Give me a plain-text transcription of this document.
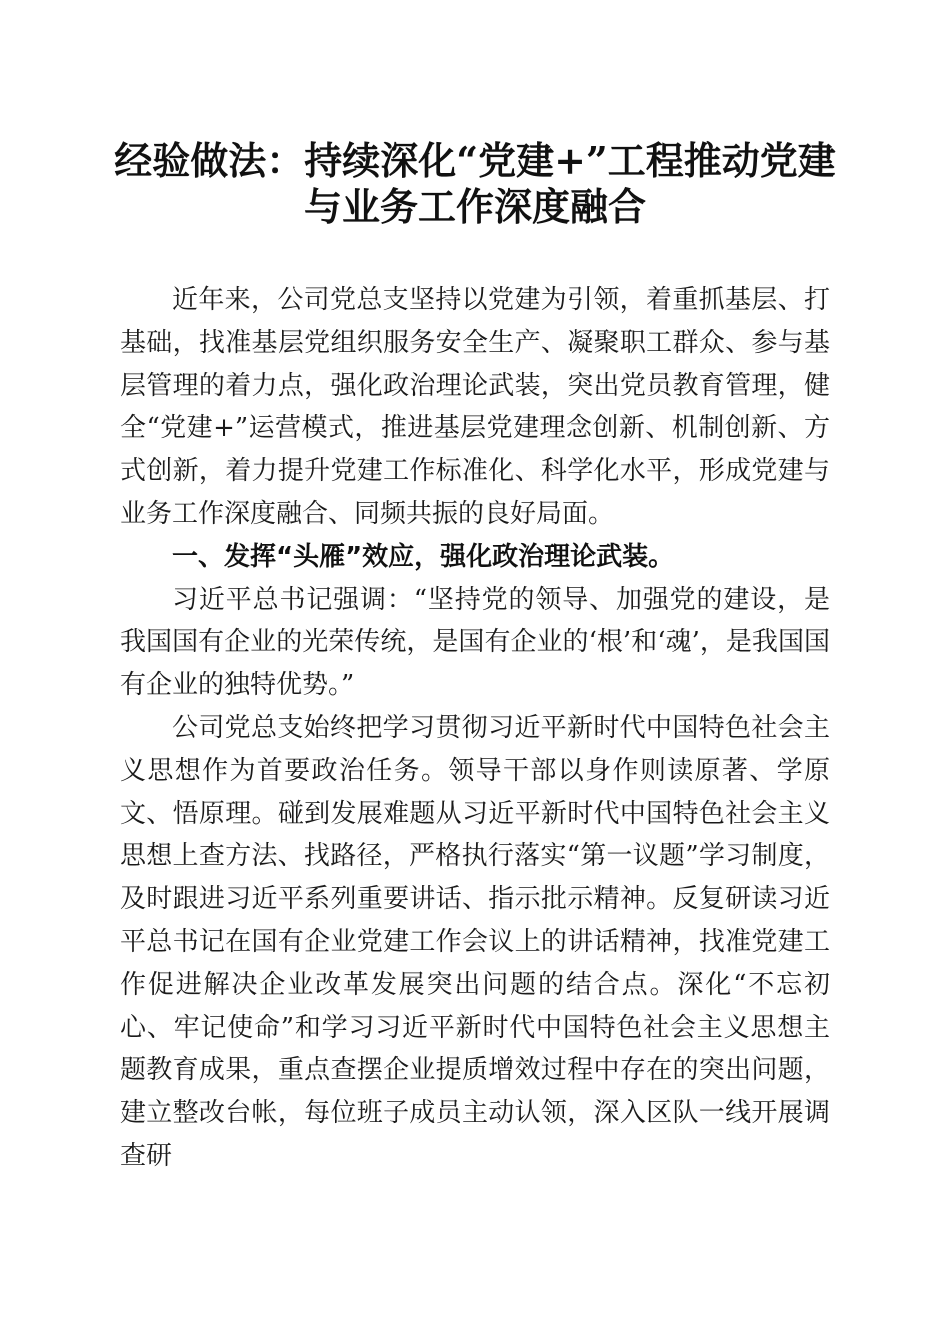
经验做法：持续深化“党建+”工程推动党建
与业务工作深度融合

近年来，公司党总支坚持以党建为引领，着重抓基层、打基础，找准基层党组织服务安全生产、凝聚职工群众、参与基层管理的着力点，强化政治理论武装，突出党员教育管理，健全“党建+”运营模式，推进基层党建理念创新、机制创新、方式创新，着力提升党建工作标准化、科学化水平，形成党建与业务工作深度融合、同频共振的良好局面。

一、发挥“头雁”效应，强化政治理论武装。

习近平总书记强调：“坚持党的领导、加强党的建设，是我国国有企业的光荣传统，是国有企业的‘根’和‘魂’，是我国国有企业的独特优势。”

公司党总支始终把学习贯彻习近平新时代中国特色社会主义思想作为首要政治任务。领导干部以身作则读原著、学原文、悟原理。碰到发展难题从习近平新时代中国特色社会主义思想上查方法、找路径，严格执行落实“第一议题”学习制度，及时跟进习近平系列重要讲话、指示批示精神。反复研读习近平总书记在国有企业党建工作会议上的讲话精神，找准党建工作促进解决企业改革发展突出问题的结合点。深化“不忘初心、牢记使命”和学习习近平新时代中国特色社会主义思想主题教育成果，重点查摆企业提质增效过程中存在的突出问题，建立整改台帐，每位班子成员主动认领，深入区队一线开展调查研
